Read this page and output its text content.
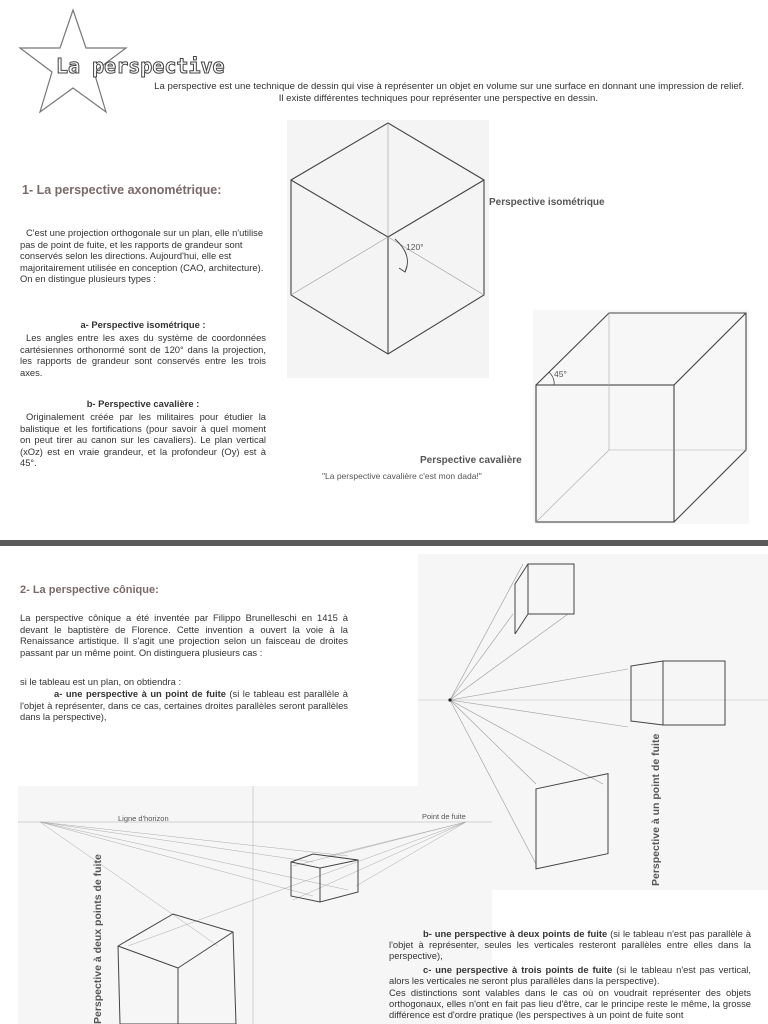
La perspective
La perspective est une technique de dessin qui vise à représenter un objet en volume sur une surface en donnant une impression de relief.
Il existe différentes techniques pour représenter une perspective en dessin.
1- La perspective axonométrique:
C'est une projection orthogonale sur un plan, elle n'utilise pas de point de fuite, et les rapports de grandeur sont conservés selon les directions. Aujourd'hui, elle est majoritairement utilisée en conception (CAO, architecture). On en distingue plusieurs types :
a- Perspective isométrique :
Les angles entre les axes du système de coordonnées cartésiennes orthonormé sont de 120° dans la projection, les rapports de grandeur sont conservés entre les trois axes.
b- Perspective cavalière :
Originalement créée par les militaires pour étudier la balistique et les fortifications (pour savoir à quel moment on peut tirer au canon sur les cavaliers). Le plan vertical (xOz) est en vraie grandeur, et la profondeur (Oy) est à 45°.
120°
Perspective isométrique
45°
Perspective cavalière
"La perspective cavalière c'est mon dada!"
2- La perspective cônique:
La perspective cônique a été inventée par Filippo Brunelleschi en 1415 à devant le baptistère de Florence. Cette invention a ouvert la voie à la Renaissance artistique. Il s'agit une projection selon un faisceau de droites passant par un même point. On distinguera plusieurs cas :
si le tableau est un plan, on obtiendra :
a- une perspective à un point de fuite (si le tableau est parallèle à l'objet à représenter, dans ce cas, certaines droites parallèles seront parallèles dans la perspective),
Perspective à un point de fuite
Ligne d'horizon	Point de fuite
Perspective à deux points de fuite	b- une perspective à deux points de fuite (si le tableau n'est pas parallèle à l'objet à représenter, seules les verticales resteront parallèles entre elles dans la perspective),
c- une perspective à trois points de fuite (si le tableau n'est pas vertical, alors les verticales ne seront plus parallèles dans la perspective).
Ces distinctions sont valables dans le cas où on voudrait représenter des objets orthogonaux, elles n'ont en fait pas lieu d'être, car le principe reste le même, la grosse différence est d'ordre pratique (les perspectives à un point de fuite sont
